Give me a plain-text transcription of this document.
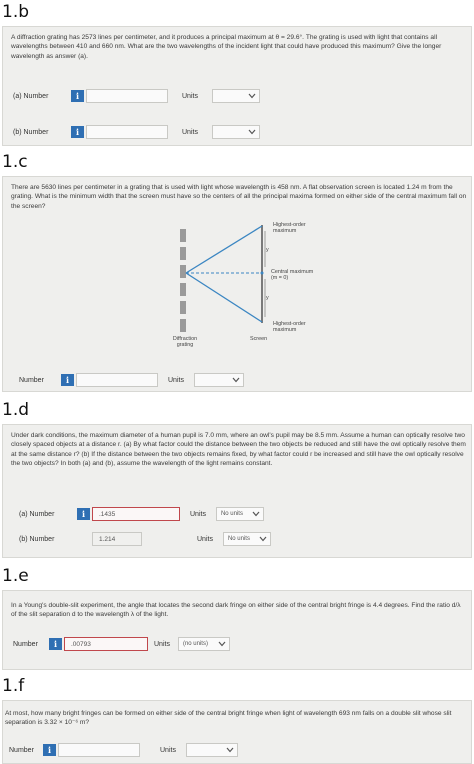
1.b
A diffraction grating has 2573 lines per centimeter, and it produces a principal maximum at θ = 29.6°. The grating is used with light that contains all wavelengths between 410 and 660 nm. What are the two wavelengths of the incident light that could have produced this maximum? Give the longer wavelength as answer (a).
(a) Number	i	Units
(b) Number	i	Units
1.c
There are 5630 lines per centimeter in a grating that is used with light whose wavelength is 458 nm. A flat observation screen is located 1.24 m from the grating. What is the minimum width that the screen must have so the centers of all the principal maxima formed on either side of the central maximum fall on the screen?
Highest-order
maximum
y
Central maximum
(m = 0)
y
Highest-order
maximum
Diffraction
grating
Screen
Number	i	Units
1.d
Under dark conditions, the maximum diameter of a human pupil is 7.0 mm, where an owl's pupil may be 8.5 mm. Assume a human can optically resolve two closely spaced objects at a distance r. (a) By what factor could the distance between the two objects be reduced and still have the owl optically resolve them at the same distance r? (b) If the distance between the two objects remains fixed, by what factor could r be increased and still have the owl optically resolve the two objects? In both (a) and (b), assume the wavelength of the light remains constant.
(a) Number	i	.1435	Units	No units
(b) Number	1.214	Units	No units
1.e
In a Young's double-slit experiment, the angle that locates the second dark fringe on either side of the central bright fringe is 4.4 degrees. Find the ratio d/λ of the slit separation d to the wavelength λ of the light.
Number	i	.00793	Units (no units)
1.f
At most, how many bright fringes can be formed on either side of the central bright fringe when light of wavelength 693 nm falls on a double slit whose slit separation is 3.32 × 10⁻⁶ m?
Number	i	Units
